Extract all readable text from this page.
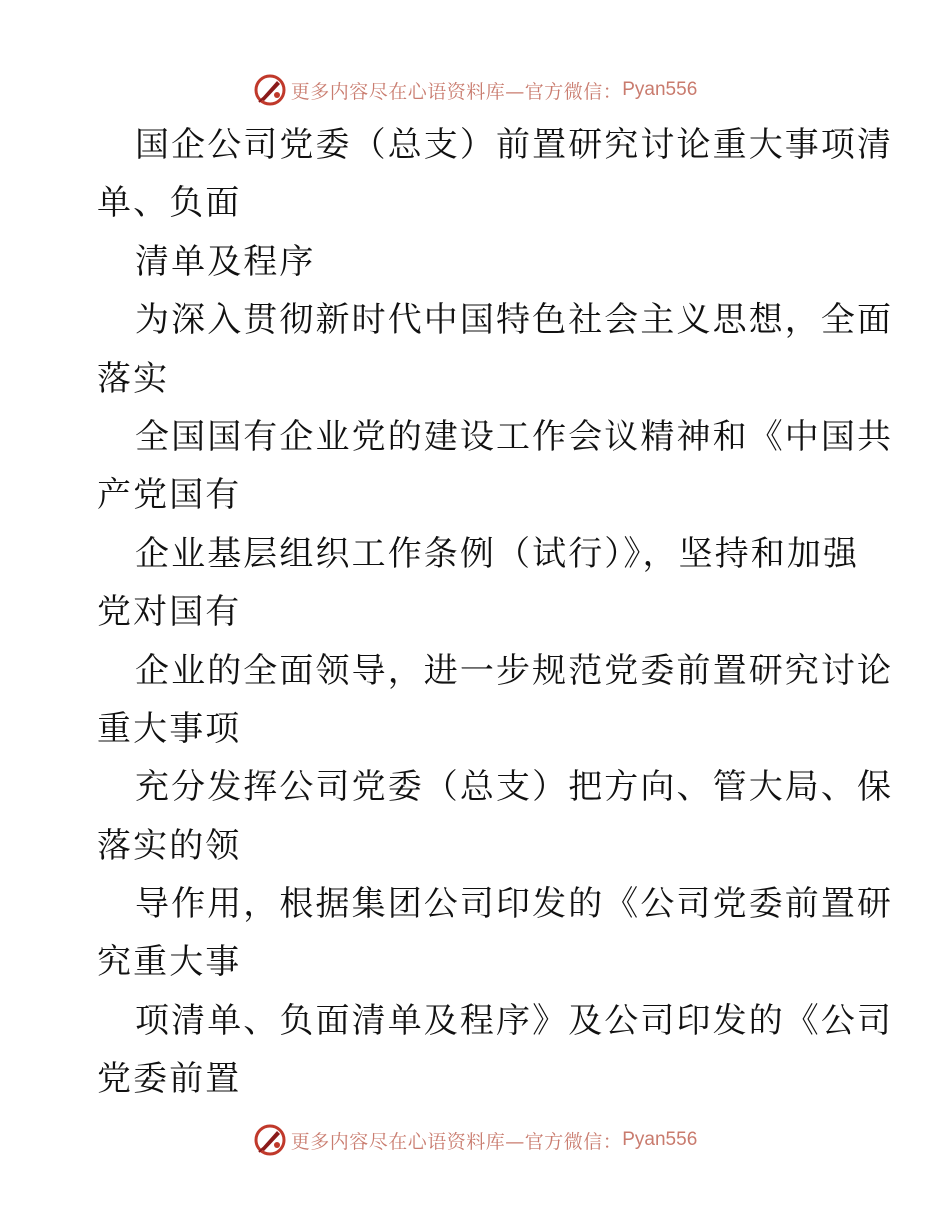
更多内容尽在心语资料库—官方微信： Pyan556
国企公司党委（总支）前置研究讨论重大事项清
单、负面
清单及程序
为深入贯彻新时代中国特色社会主义思想，全面
落实
全国国有企业党的建设工作会议精神和《中国共
产党国有
企业基层组织工作条例（试行）》，坚持和加强
党对国有
企业的全面领导，进一步规范党委前置研究讨论
重大事项
充分发挥公司党委（总支）把方向、管大局、保
落实的领
导作用，根据集团公司印发的《公司党委前置研
究重大事
项清单、负面清单及程序》及公司印发的《公司
党委前置
更多内容尽在心语资料库—官方微信： Pyan556
